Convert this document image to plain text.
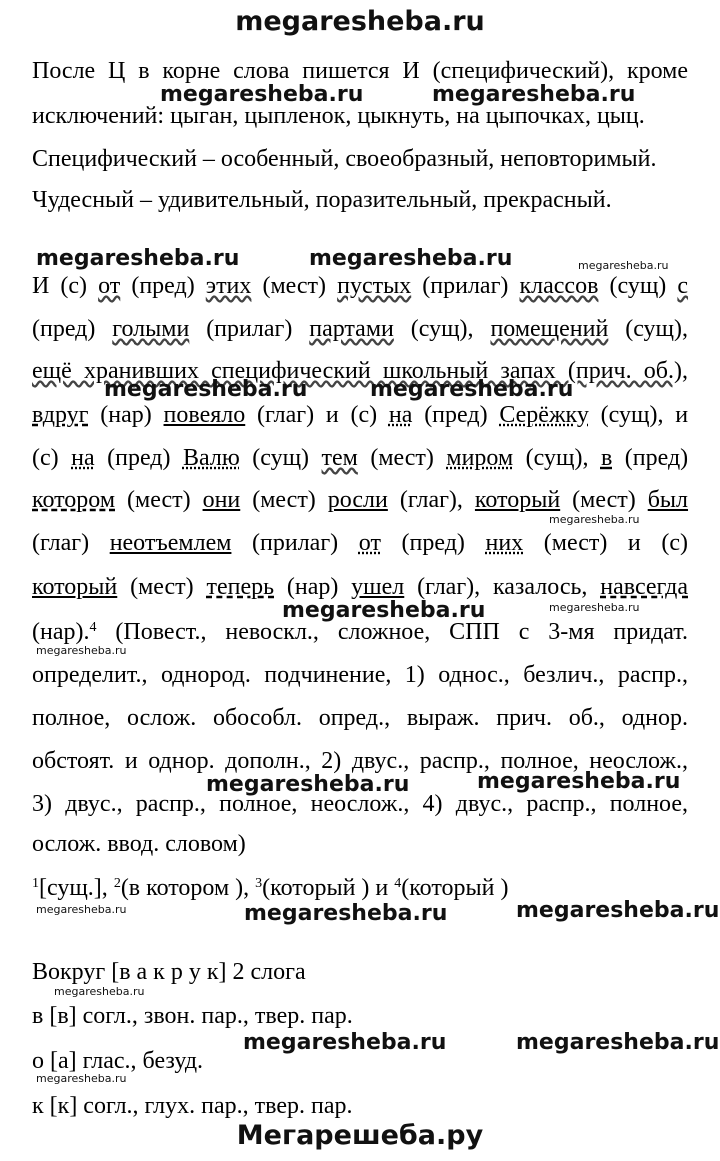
megaresheba.ru
После Ц в корне слова пишется И (специфический), кроме
исключений: цыган, цыпленок, цыкнуть, на цыпочках, цыц.
Специфический – особенный, своеобразный, неповторимый.
Чудесный – удивительный, поразительный, прекрасный.
И (с) от (пред) этих (мест) пустых (прилаг) классов (сущ) с
(пред) голыми (прилаг) партами (сущ), помещений (сущ),
ещё хранивших специфический школьный запах (прич. об.),
вдруг (нар) повеяло (глаг) и (с) на (пред) Серёжку (сущ), и
(с) на (пред) Валю (сущ) тем (мест) миром (сущ), в (пред)
котором (мест) они (мест) росли (глаг), который (мест) был
(глаг) неотъемлем (прилаг) от (пред) них (мест) и (с)
который (мест) теперь (нар) ушел (глаг), казалось, навсегда
(нар).$^4$ (Повест., невоскл., сложное, СПП с 3-мя придат.
определит., однород. подчинение, 1) однос., безлич., распр.,
полное, ослож. обособл. опред., выраж. прич. об., однор.
обстоят. и однор. дополн., 2) двус., распр., полное, неослож.,
3) двус., распр., полное, неослож., 4) двус., распр., полное,
ослож. ввод. словом)
$^1$[сущ.], $^2$(в котором ), $^3$(который ) и $^4$(который )
Вокруг [в а к р у к] 2 слога
в [в] согл., звон. пар., твер. пар.
о [а] глас., безуд.
к [к] согл., глух. пар., твер. пар.
Мегарешеба.ру
megaresheba.ru	megaresheba.ru
megaresheba.ru	megaresheba.ru	megaresheba.ru
megaresheba.ru	megaresheba.ru
megaresheba.ru
megaresheba.ru	megaresheba.ru
megaresheba.ru
megaresheba.ru	megaresheba.ru
megaresheba.ru	megaresheba.ru	megaresheba.ru
megaresheba.ru
megaresheba.ru	megaresheba.ru
megaresheba.ru
